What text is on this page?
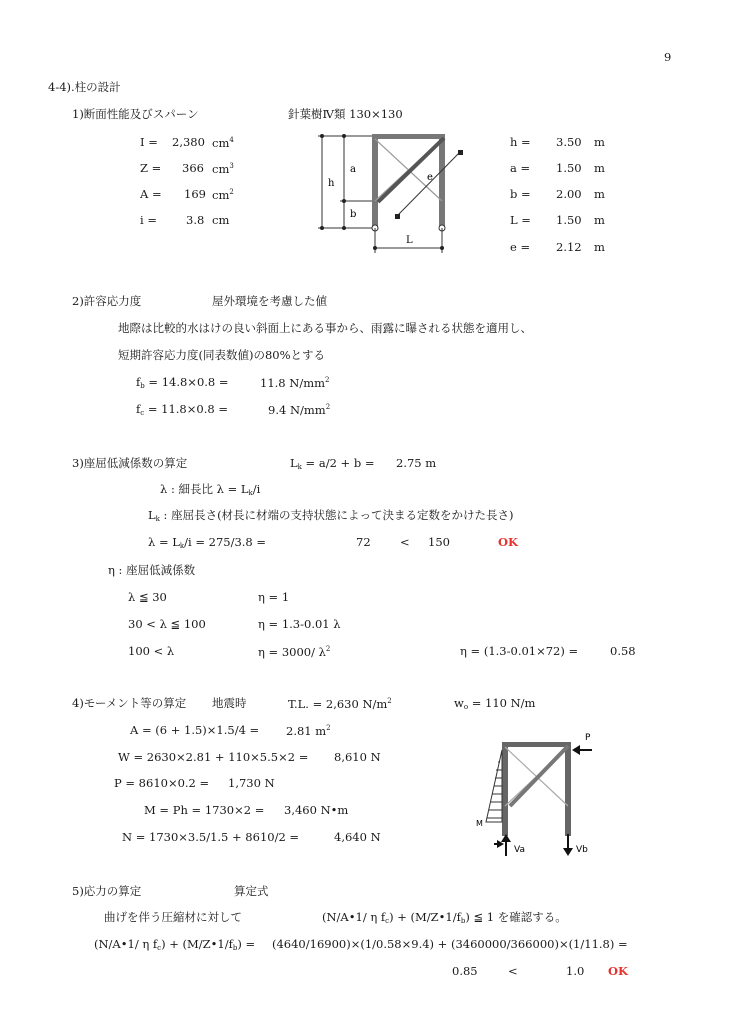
9
4-4).柱の設計
1)断面性能及びスパーン	針葉樹Ⅳ類 130×130
I = 2,380 $cm^4$
Z = 366 $cm^3$
A = 169 $cm^2$
i =	3.8 cm
h
a
b
e
L
h = 3.50 m
a = 1.50 m
b = 2.00 m
L = 1.50 m
e = 2.12 m
2)許容応力度	屋外環境を考慮した値
地際は比較的水はけの良い斜面上にある事から、雨露に曝される状態を適用し、
短期許容応力度(同表数値)の80%とする
$f_b = 14.8\times 0.8$ =	11.8 $N/mm^2$
$f_c = 11.8\times 0.8$ =	9.4 $N/mm^2$
3)座屈低減係数の算定	$L_k = a/2 + b = 2.75$ m
λ : 細長比 $\lambda = L_k/i$
$L_k$ : 座屈長さ(材長に材端の支持状態によって決まる定数をかけた長さ)
$\lambda = L_k/i = 275/3.8$ =	72	< 150	OK
η : 座屈低減係数
λ ≦ 30	η = 1
30 < λ ≦ 100	η = 1.3-0.01 λ
100 < λ	η = 3000/ $\lambda^2$	η = (1.3-0.01×72) =	0.58
4)モーメント等の算定 地震時	T.L. = 2,630 $N/m^2$	$w_o = 110$ N/m
A = (6 + 1.5)×1.5/4 = 2.81 $m^2$
W = 2630×2.81 + 110×5.5×2 = 8,610 N
P = 8610×0.2 = 1,730 N
M = Ph = 1730×2 = 3,460 N•m
N = 1730×3.5/1.5 + 8610/2 =	4,640 N
P
M
Va	Vb
5)応力の算定	算定式
曲げを伴う圧縮材に対して	(N/A•1/ η $f_c$) + $(M/Z•1/f_b)$ ≦ 1 を確認する。
(N/A•1/ η $f_c$) + $(M/Z•1/f_b) = (4640/16900)\times(1/0.58\times 9.4) + (3460000/366000)\times(1/11.8)$ =
0.85	<	1.0 OK
